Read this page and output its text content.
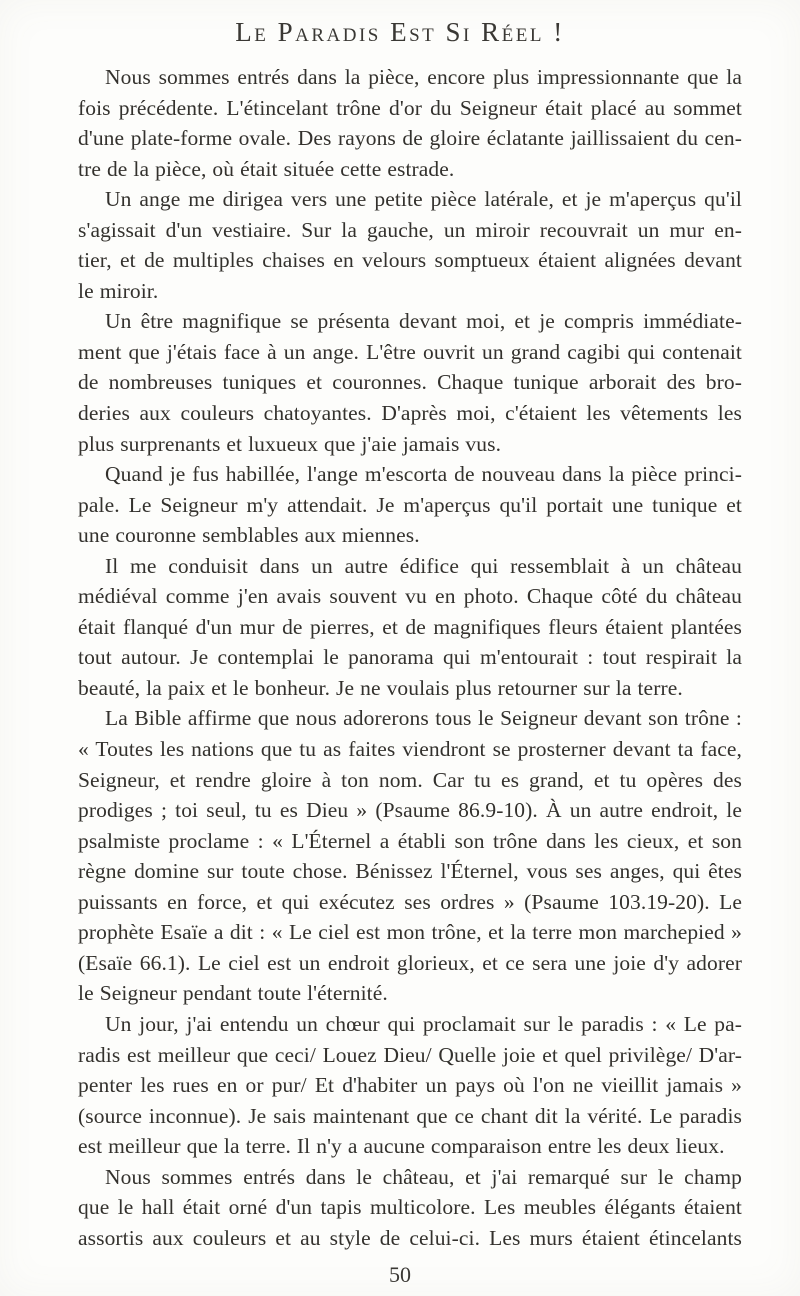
Le Paradis Est Si Réel !

Nous sommes entrés dans la pièce, encore plus impressionnante que la
fois précédente. L'étincelant trône d'or du Seigneur était placé au sommet
d'une plate-forme ovale. Des rayons de gloire éclatante jaillissaient du cen-
tre de la pièce, où était située cette estrade.

Un ange me dirigea vers une petite pièce latérale, et je m'aperçus qu'il
s'agissait d'un vestiaire. Sur la gauche, un miroir recouvrait un mur en-
tier, et de multiples chaises en velours somptueux étaient alignées devant
le miroir.

Un être magnifique se présenta devant moi, et je compris immédiate-
ment que j'étais face à un ange. L'être ouvrit un grand cagibi qui contenait
de nombreuses tuniques et couronnes. Chaque tunique arborait des bro-
deries aux couleurs chatoyantes. D'après moi, c'étaient les vêtements les
plus surprenants et luxueux que j'aie jamais vus.

Quand je fus habillée, l'ange m'escorta de nouveau dans la pièce princi-
pale. Le Seigneur m'y attendait. Je m'aperçus qu'il portait une tunique et
une couronne semblables aux miennes.

Il me conduisit dans un autre édifice qui ressemblait à un château
médiéval comme j'en avais souvent vu en photo. Chaque côté du château
était flanqué d'un mur de pierres, et de magnifiques fleurs étaient plantées
tout autour. Je contemplai le panorama qui m'entourait : tout respirait la
beauté, la paix et le bonheur. Je ne voulais plus retourner sur la terre.

La Bible affirme que nous adorerons tous le Seigneur devant son trône :
« Toutes les nations que tu as faites viendront se prosterner devant ta face,
Seigneur, et rendre gloire à ton nom. Car tu es grand, et tu opères des
prodiges ; toi seul, tu es Dieu » (Psaume 86.9-10). À un autre endroit, le
psalmiste proclame : « L'Éternel a établi son trône dans les cieux, et son
règne domine sur toute chose. Bénissez l'Éternel, vous ses anges, qui êtes
puissants en force, et qui exécutez ses ordres » (Psaume 103.19-20). Le
prophète Esaïe a dit : « Le ciel est mon trône, et la terre mon marchepied »
(Esaïe 66.1). Le ciel est un endroit glorieux, et ce sera une joie d'y adorer
le Seigneur pendant toute l'éternité.

Un jour, j'ai entendu un chœur qui proclamait sur le paradis : « Le pa-
radis est meilleur que ceci/ Louez Dieu/ Quelle joie et quel privilège/ D'ar-
penter les rues en or pur/ Et d'habiter un pays où l'on ne vieillit jamais »
(source inconnue). Je sais maintenant que ce chant dit la vérité. Le paradis
est meilleur que la terre. Il n'y a aucune comparaison entre les deux lieux.

Nous sommes entrés dans le château, et j'ai remarqué sur le champ
que le hall était orné d'un tapis multicolore. Les meubles élégants étaient
assortis aux couleurs et au style de celui-ci. Les murs étaient étincelants

50
